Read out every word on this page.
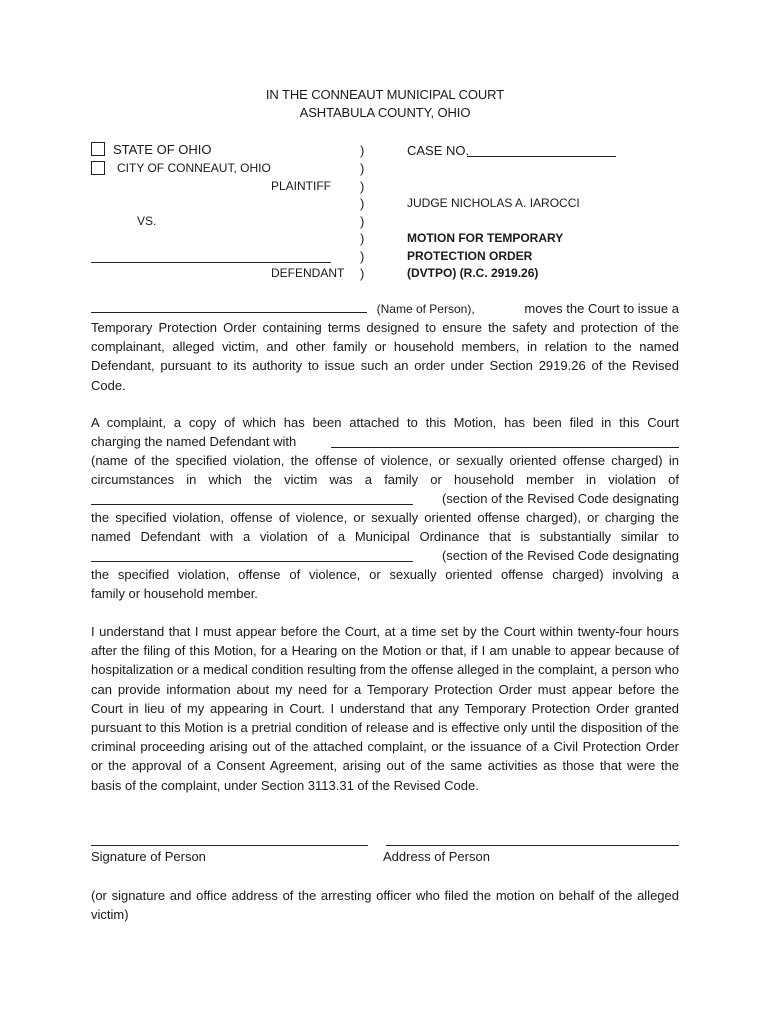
IN THE CONNEAUT MUNICIPAL COURT
ASHTABULA COUNTY, OHIO
STATE OF OHIO
CITY OF CONNEAUT, OHIO
PLAINTIFF
VS.
DEFENDANT
)
)
)
)
)
)
)
)
CASE NO.
JUDGE NICHOLAS A. IAROCCI
MOTION FOR TEMPORARY
PROTECTION ORDER
(DVTPO) (R.C. 2919.26)
(Name of Person),	moves the Court to issue a

Temporary Protection Order containing terms designed to ensure the safety and protection of the complainant, alleged victim, and other family or household members, in relation to the named Defendant, pursuant to its authority to issue such an order under Section 2919.26 of the Revised Code.

A complaint, a copy of which has been attached to this Motion, has been filed in this Court
charging the named Defendant with
(name of the specified violation, the offense of violence, or sexually oriented offense charged) in
circumstances in which the victim was a family or household member in violation of
(section of the Revised Code designating
the specified violation, offense of violence, or sexually oriented offense charged), or charging the
named Defendant with a violation of a Municipal Ordinance that is substantially similar to
(section of the Revised Code designating
the specified violation, offense of violence, or sexually oriented offense charged) involving a
family or household member.

I understand that I must appear before the Court, at a time set by the Court within twenty-four hours after the filing of this Motion, for a Hearing on the Motion or that, if I am unable to appear because of hospitalization or a medical condition resulting from the offense alleged in the complaint, a person who can provide information about my need for a Temporary Protection Order must appear before the Court in lieu of my appearing in Court. I understand that any Temporary Protection Order granted pursuant to this Motion is a pretrial condition of release and is effective only until the disposition of the criminal proceeding arising out of the attached complaint, or the issuance of a Civil Protection Order or the approval of a Consent Agreement, arising out of the same activities as those that were the basis of the complaint, under Section 3113.31 of the Revised Code.

Signature of Person	Address of Person

(or signature and office address of the arresting officer who filed the motion on behalf of the alleged victim)
